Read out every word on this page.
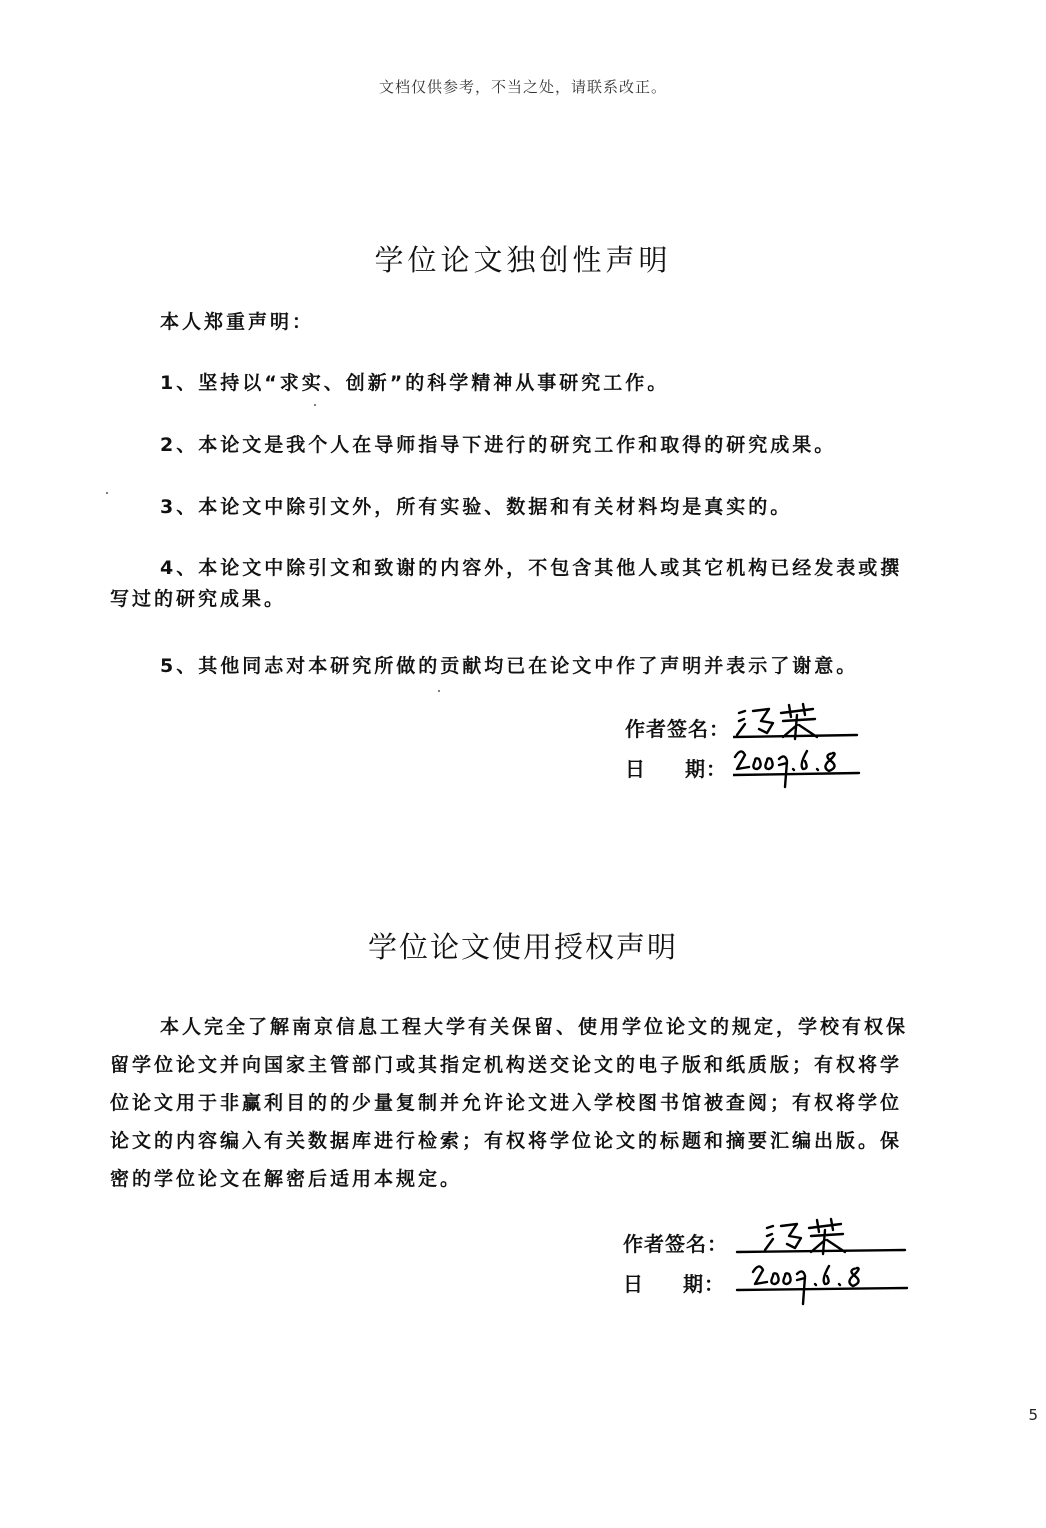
文档仅供参考，不当之处，请联系改正。
学位论文独创性声明

本人郑重声明：

1、坚持以“求实、创新”的科学精神从事研究工作。

2、本论文是我个人在导师指导下进行的研究工作和取得的研究成果。

3、本论文中除引文外，所有实验、数据和有关材料均是真实的。

4、本论文中除引文和致谢的内容外，不包含其他人或其它机构已经发表或撰写过的研究成果。

5、其他同志对本研究所做的贡献均已在论文中作了声明并表示了谢意。

作者签名：
日 期：
学位论文使用授权声明

本人完全了解南京信息工程大学有关保留、使用学位论文的规定，学校有权保留学位论文并向国家主管部门或其指定机构送交论文的电子版和纸质版；有权将学位论文用于非赢利目的的少量复制并允许论文进入学校图书馆被查阅；有权将学位论文的内容编入有关数据库进行检索；有权将学位论文的标题和摘要汇编出版。保密的学位论文在解密后适用本规定。

作者签名：
日 期：
5
